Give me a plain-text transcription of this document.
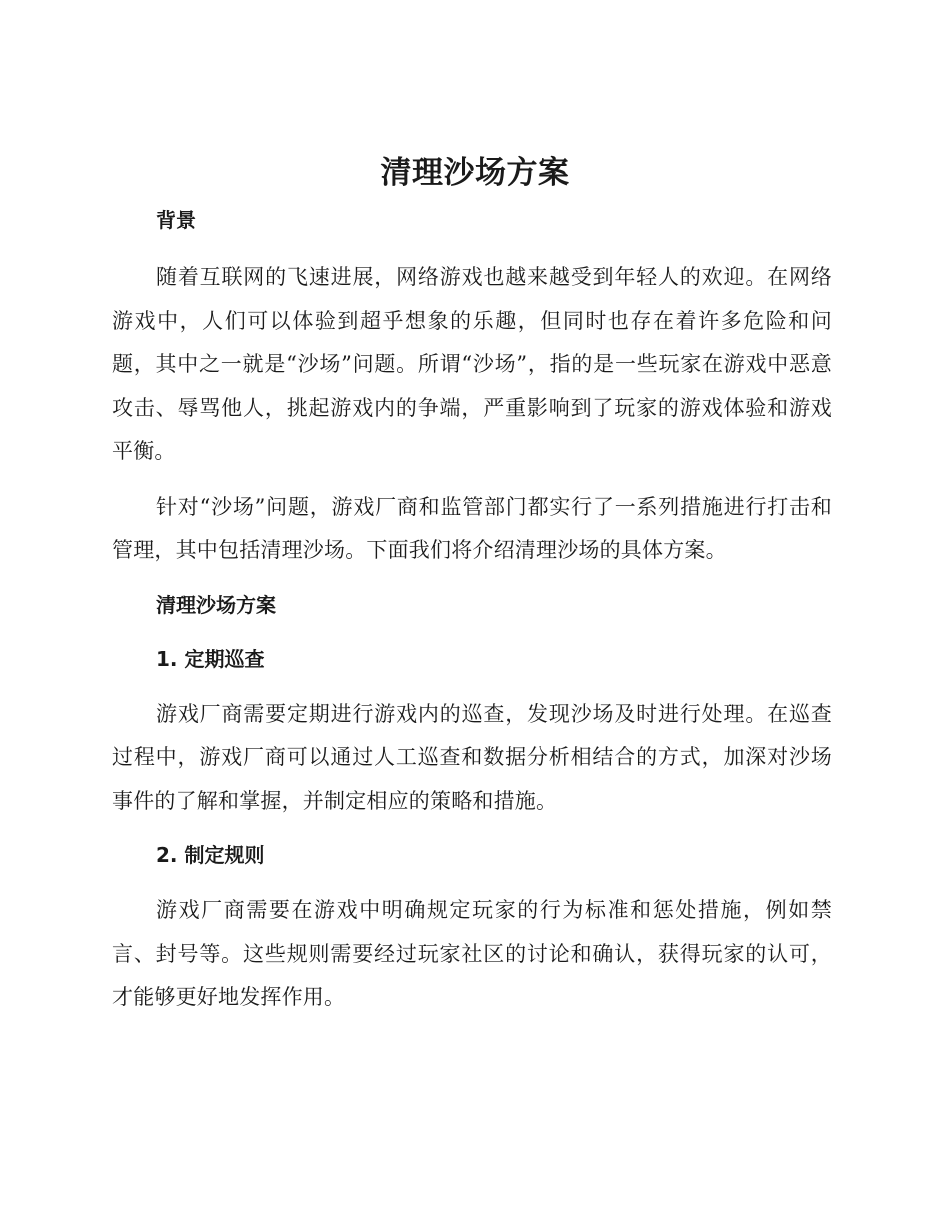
清理沙场方案

背景

随着互联网的飞速进展，网络游戏也越来越受到年轻人的欢迎。在网络游戏中，人们可以体验到超乎想象的乐趣，但同时也存在着许多危险和问题，其中之一就是“沙场”问题。所谓“沙场”，指的是一些玩家在游戏中恶意攻击、辱骂他人，挑起游戏内的争端，严重影响到了玩家的游戏体验和游戏平衡。

针对“沙场”问题，游戏厂商和监管部门都实行了一系列措施进行打击和管理，其中包括清理沙场。下面我们将介绍清理沙场的具体方案。

清理沙场方案

1. 定期巡查

游戏厂商需要定期进行游戏内的巡查，发现沙场及时进行处理。在巡查过程中，游戏厂商可以通过人工巡查和数据分析相结合的方式，加深对沙场事件的了解和掌握，并制定相应的策略和措施。

2. 制定规则

游戏厂商需要在游戏中明确规定玩家的行为标准和惩处措施，例如禁言、封号等。这些规则需要经过玩家社区的讨论和确认，获得玩家的认可，才能够更好地发挥作用。
